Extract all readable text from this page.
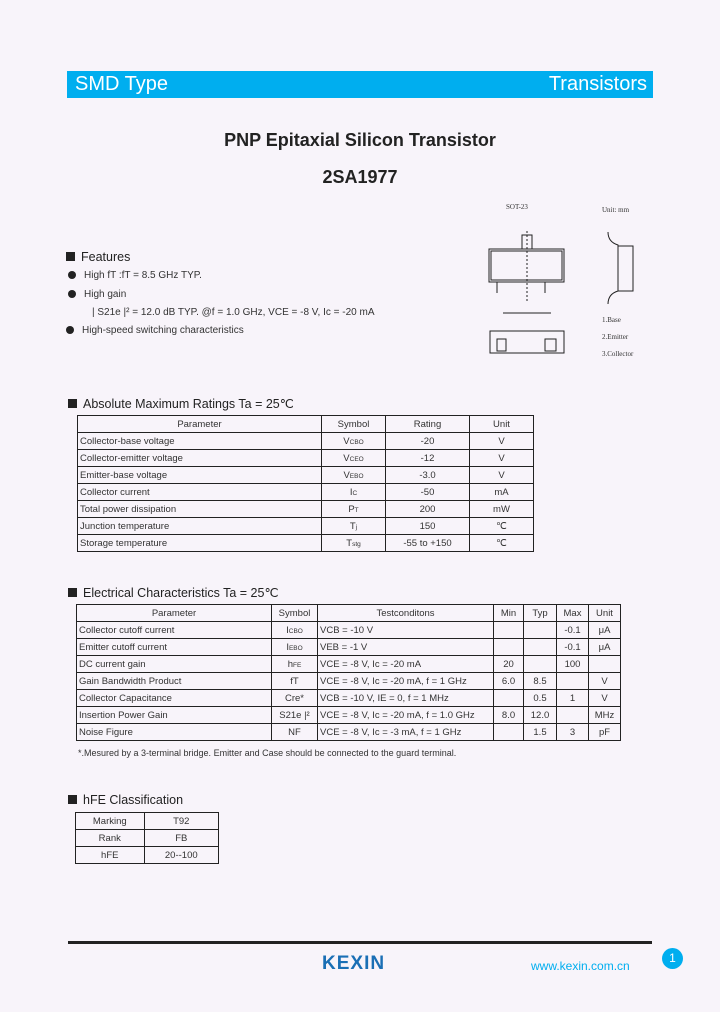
SMD Type	Transistors
PNP Epitaxial Silicon Transistor
2SA1977
SOT-23	Unit: mm
1.Base
2.Emitter
3.Collector
Features
High fT :fT = 8.5 GHz TYP.
High gain
| S21e |² = 12.0 dB TYP. @f = 1.0 GHz, VCE = -8 V, Ic = -20 mA
High-speed switching characteristics
Absolute Maximum Ratings Ta = 25℃
Parameter	Symbol	Rating	Unit
Collector-base voltage	VCBO	-20	V
Collector-emitter voltage	VCEO	-12	V
Emitter-base voltage	VEBO	-3.0	V
Collector current	IC	-50	mA
Total power dissipation	PT	200	mW
Junction temperature	Tj	150	℃
Storage temperature	Tstg	-55 to +150	℃
Electrical Characteristics Ta = 25℃
Parameter	Symbol	Testconditons	Min	Typ	Max	Unit
Collector cutoff current	ICBO	VCB = -10 V			-0.1	μA
Emitter cutoff current	IEBO	VEB = -1 V			-0.1	μA
DC current gain	hFE	VCE = -8 V, Ic = -20 mA	20		100	
Gain Bandwidth Product	fT	VCE = -8 V, Ic = -20 mA, f = 1 GHz	6.0	8.5		V
Collector Capacitance	Cre*	VCB = -10 V, IE = 0, f = 1 MHz		0.5	1	V
Insertion Power Gain	S21e |²	VCE = -8 V, Ic = -20 mA, f = 1.0 GHz	8.0	12.0		MHz
Noise Figure	NF	VCE = -8 V, Ic = -3 mA, f = 1 GHz		1.5	3	pF
*.Mesured by a 3-terminal bridge. Emitter and Case should be connected to the guard terminal.
hFE Classification
Marking	T92
Rank	FB
hFE	20--100
KEXIN	www.kexin.com.cn
1
